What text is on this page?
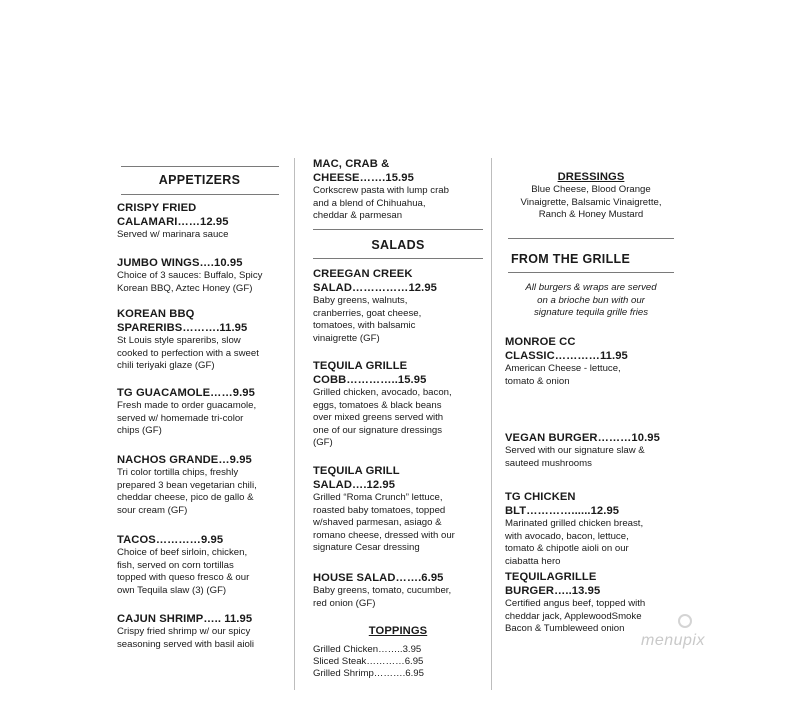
APPETIZERS
CRISPY FRIED
CALAMARI……12.95
Served w/ marinara sauce
JUMBO WINGS….10.95
Choice of 3 sauces: Buffalo, Spicy
Korean BBQ, Aztec Honey (GF)
KOREAN BBQ
SPARERIBS……….11.95
St Louis style spareribs, slow
cooked to perfection with a sweet
chili teriyaki glaze (GF)
TG GUACAMOLE……9.95
Fresh made to order guacamole,
served w/ homemade tri-color
chips (GF)
NACHOS GRANDE…9.95
Tri color tortilla chips, freshly
prepared 3 bean vegetarian chili,
cheddar cheese, pico de gallo &
sour cream (GF)
TACOS…………9.95
Choice of beef sirloin, chicken,
fish, served on corn tortillas
topped with queso fresco & our
own Tequila slaw (3) (GF)
CAJUN SHRIMP….. 11.95
Crispy fried shrimp w/ our spicy
seasoning served with basil aioli
MAC, CRAB &
CHEESE…….15.95
Corkscrew pasta with lump crab
and a blend of Chihuahua,
cheddar & parmesan
SALADS
CREEGAN CREEK
SALAD……………12.95
Baby greens, walnuts,
cranberries, goat cheese,
tomatoes, with balsamic
vinaigrette (GF)
TEQUILA GRILLE
COBB…………..15.95
Grilled chicken, avocado, bacon,
eggs, tomatoes & black beans
over mixed greens served with
one of our signature dressings
(GF)
TEQUILA GRILL
SALAD….12.95
Grilled “Roma Crunch” lettuce,
roasted baby tomatoes, topped
w/shaved parmesan, asiago &
romano cheese, dressed with our
signature Cesar dressing
HOUSE SALAD…….6.95
Baby greens, tomato, cucumber,
red onion (GF)
TOPPINGS
Grilled Chicken……..3.95
Sliced Steak…………6.95
Grilled Shrimp……….6.95
DRESSINGS
Blue Cheese, Blood Orange
Vinaigrette, Balsamic Vinaigrette,
Ranch & Honey Mustard
FROM THE GRILLE
All burgers & wraps are served
on a brioche bun with our
signature tequila grille fries
MONROE CC
CLASSIC…………11.95
American Cheese - lettuce,
tomato & onion
VEGAN BURGER………10.95
Served with our signature slaw &
sauteed mushrooms
TG CHICKEN
BLT…………......12.95
Marinated grilled chicken breast,
with avocado, bacon, lettuce,
tomato & chipotle aioli on our
ciabatta hero
TEQUILAGRILLE
BURGER…..13.95
Certified angus beef, topped with
cheddar jack, ApplewoodSmoke
Bacon & Tumbleweed onion
menupix
